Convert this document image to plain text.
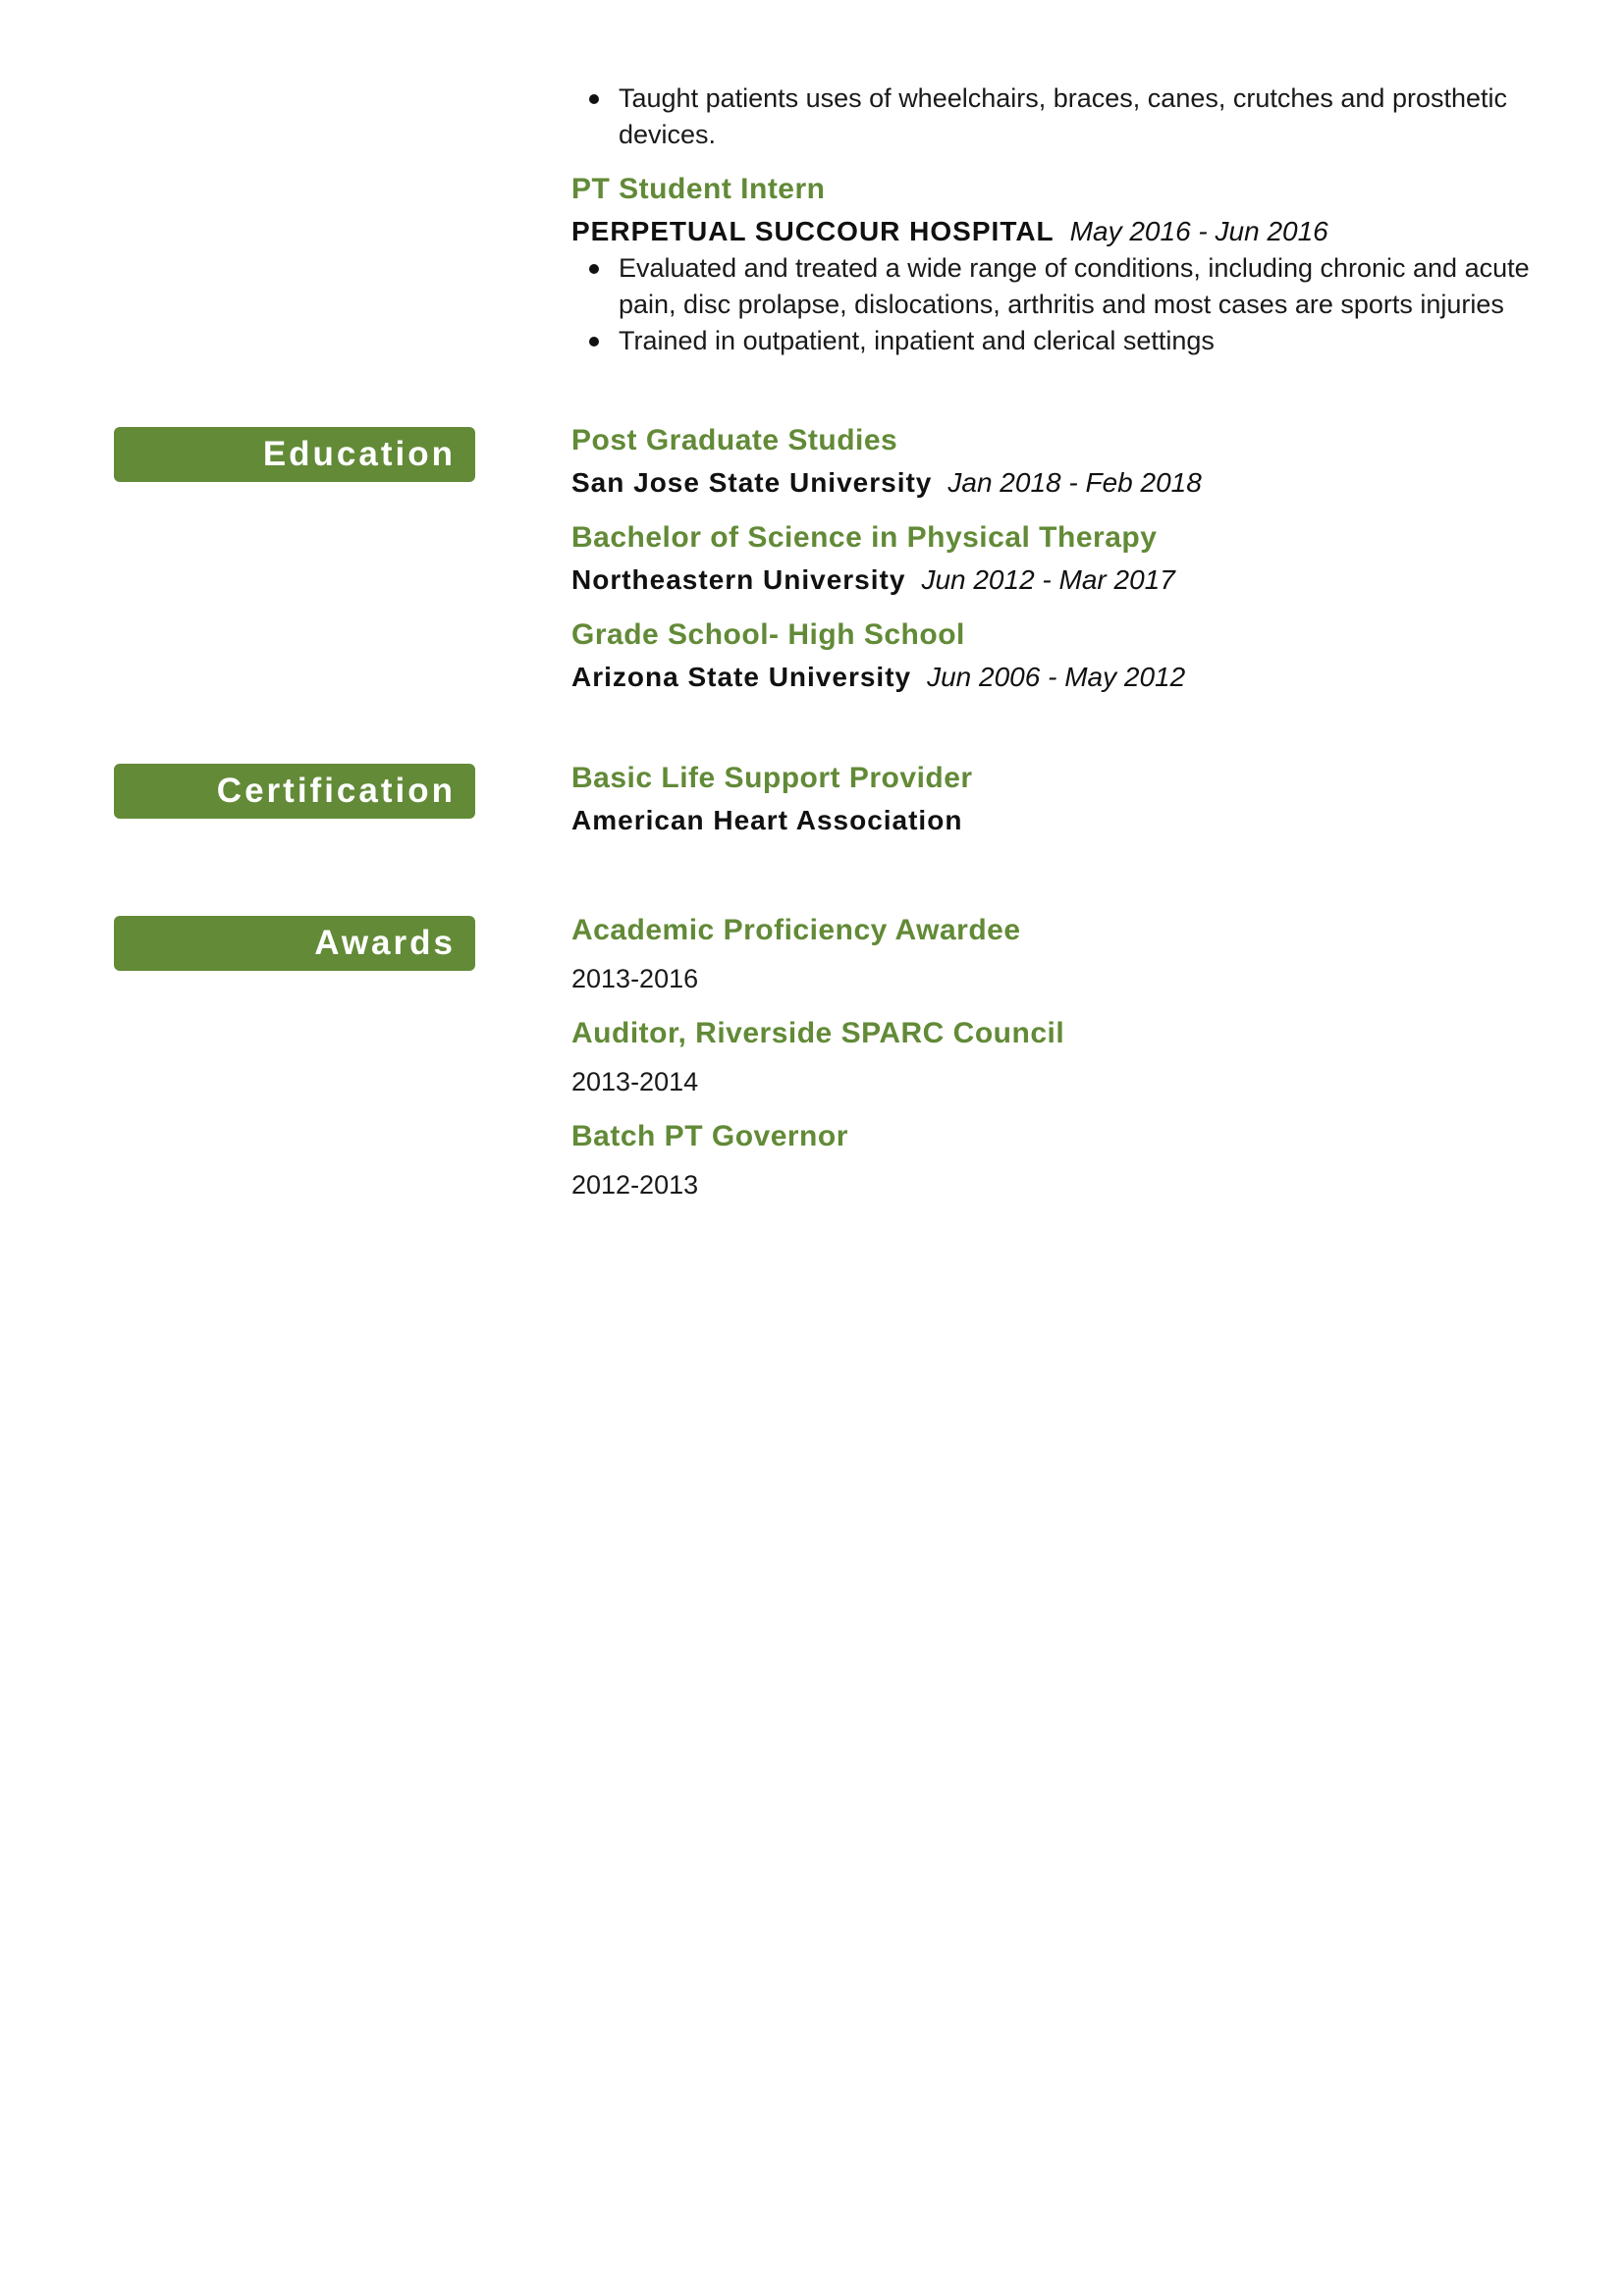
Taught patients uses of wheelchairs, braces, canes, crutches and prosthetic devices.
PT Student Intern
PERPETUAL SUCCOUR HOSPITAL May 2016 - Jun 2016
Evaluated and treated a wide range of conditions, including chronic and acute pain, disc prolapse, dislocations, arthritis and most cases are sports injuries
Trained in outpatient, inpatient and clerical settings
Education	Post Graduate Studies
San Jose State University Jan 2018 - Feb 2018
Bachelor of Science in Physical Therapy
Northeastern University Jun 2012 - Mar 2017
Grade School- High School
Arizona State University Jun 2006 - May 2012
Certification	Basic Life Support Provider
American Heart Association
Awards	Academic Proficiency Awardee
2013-2016
Auditor, Riverside SPARC Council
2013-2014
Batch PT Governor
2012-2013
